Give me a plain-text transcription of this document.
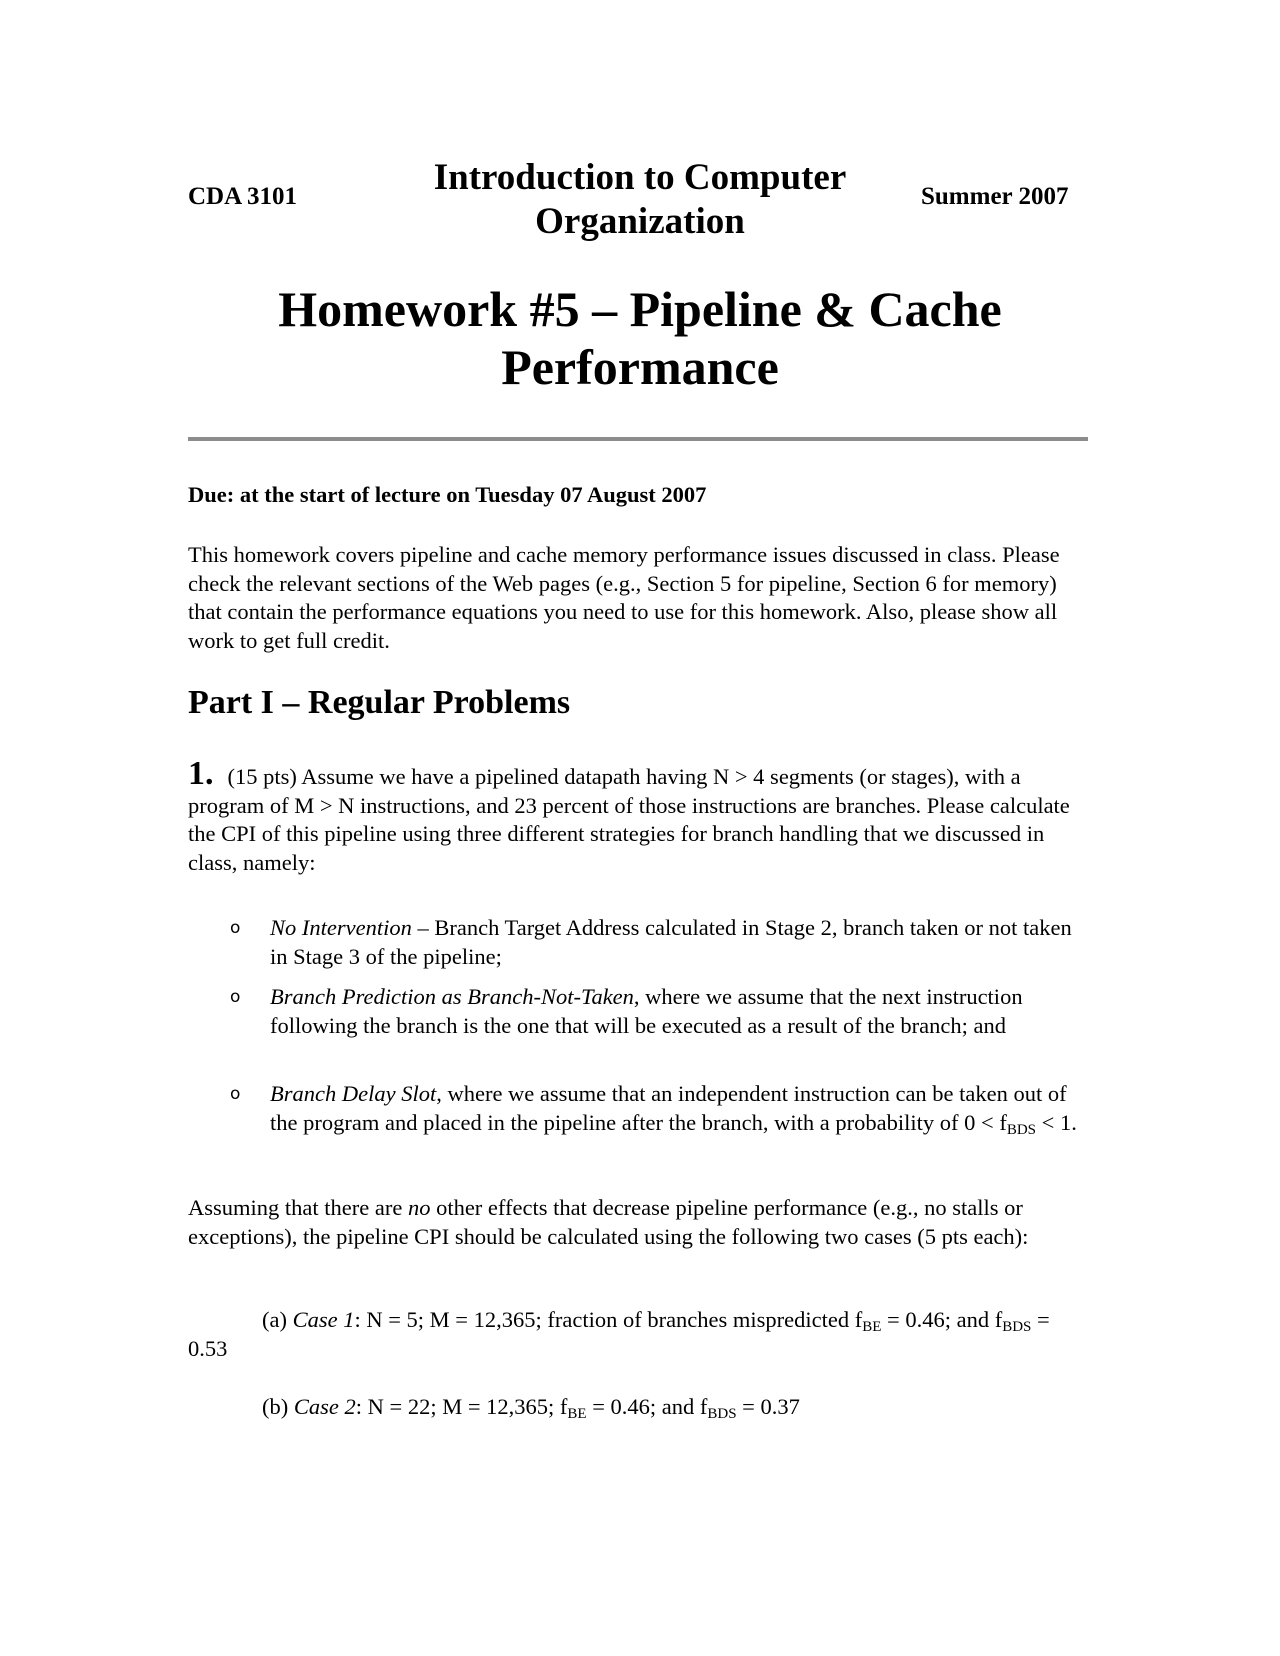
CDA 3101	Introduction to Computer Organization
Summer 2007
Homework #5 – Pipeline & Cache Performance
Due: at the start of lecture on Tuesday 07 August 2007
This homework covers pipeline and cache memory performance issues discussed in class. Please check the relevant sections of the Web pages (e.g., Section 5 for pipeline, Section 6 for memory) that contain the performance equations you need to use for this homework. Also, please show all work to get full credit.
Part I – Regular Problems
1. (15 pts) Assume we have a pipelined datapath having N > 4 segments (or stages), with a program of M > N instructions, and 23 percent of those instructions are branches. Please calculate the CPI of this pipeline using three different strategies for branch handling that we discussed in class, namely:
o No Intervention – Branch Target Address calculated in Stage 2, branch taken or not taken in Stage 3 of the pipeline;
o Branch Prediction as Branch-Not-Taken, where we assume that the next instruction following the branch is the one that will be executed as a result of the branch; and
o Branch Delay Slot, where we assume that an independent instruction can be taken out of the program and placed in the pipeline after the branch, with a probability of $0 < f_{BDS} < 1$.
Assuming that there are no other effects that decrease pipeline performance (e.g., no stalls or exceptions), the pipeline CPI should be calculated using the following two cases (5 pts each):
(a) Case 1: N = 5; M = 12,365; fraction of branches mispredicted $f_{BE} = 0.46$; and $f_{BDS} = 0.53$
(b) Case 2: N = 22; M = 12,365; $f_{BE} = 0.46$; and $f_{BDS} = 0.37$
